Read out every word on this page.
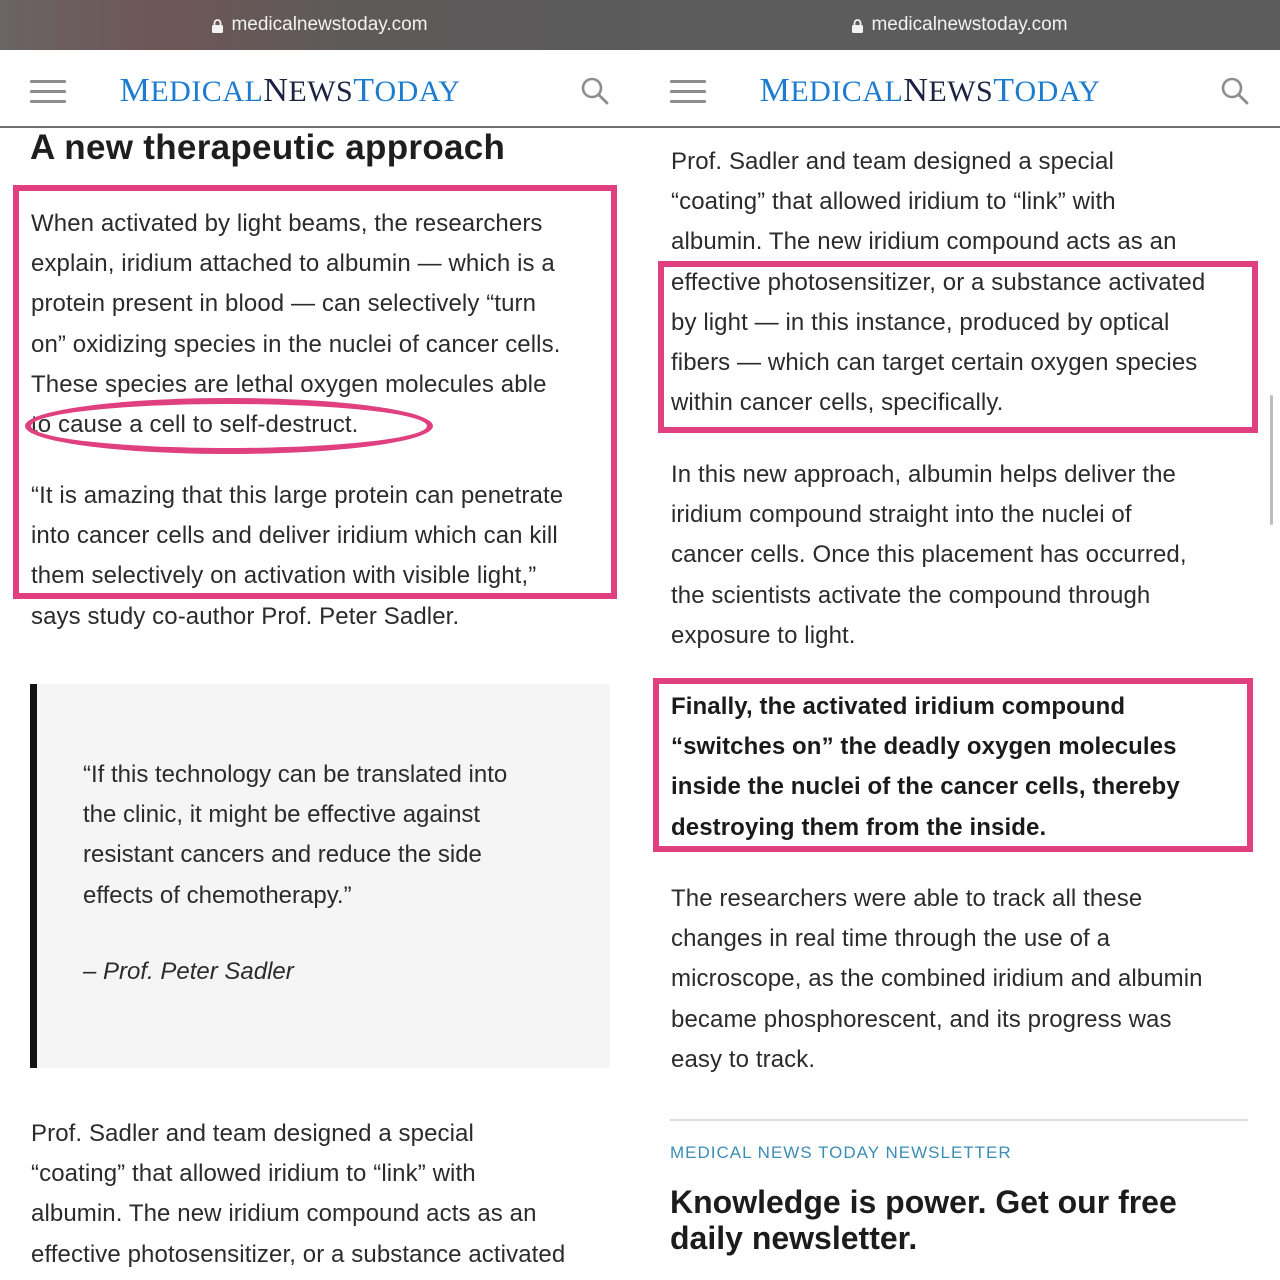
medicalnewstoday.com
MEDICALNEWSTODAY
A new therapeutic approach
When activated by light beams, the researchers
explain, iridium attached to albumin — which is a
protein present in blood — can selectively “turn
on” oxidizing species in the nuclei of cancer cells.
These species are lethal oxygen molecules able
to cause a cell to self-destruct.
“It is amazing that this large protein can penetrate
into cancer cells and deliver iridium which can kill
them selectively on activation with visible light,”
says study co-author Prof. Peter Sadler.
“If this technology can be translated into
the clinic, it might be effective against
resistant cancers and reduce the side
effects of chemotherapy.”
– Prof. Peter Sadler
Prof. Sadler and team designed a special
“coating” that allowed iridium to “link” with
albumin. The new iridium compound acts as an
effective photosensitizer, or a substance activated
medicalnewstoday.com
MEDICALNEWSTODAY
Prof. Sadler and team designed a special
“coating” that allowed iridium to “link” with
albumin. The new iridium compound acts as an
effective photosensitizer, or a substance activated
by light — in this instance, produced by optical
fibers — which can target certain oxygen species
within cancer cells, specifically.
In this new approach, albumin helps deliver the
iridium compound straight into the nuclei of
cancer cells. Once this placement has occurred,
the scientists activate the compound through
exposure to light.
Finally, the activated iridium compound
“switches on” the deadly oxygen molecules
inside the nuclei of the cancer cells, thereby
destroying them from the inside.
The researchers were able to track all these
changes in real time through the use of a
microscope, as the combined iridium and albumin
became phosphorescent, and its progress was
easy to track.
MEDICAL NEWS TODAY NEWSLETTER
Knowledge is power. Get our free
daily newsletter.
